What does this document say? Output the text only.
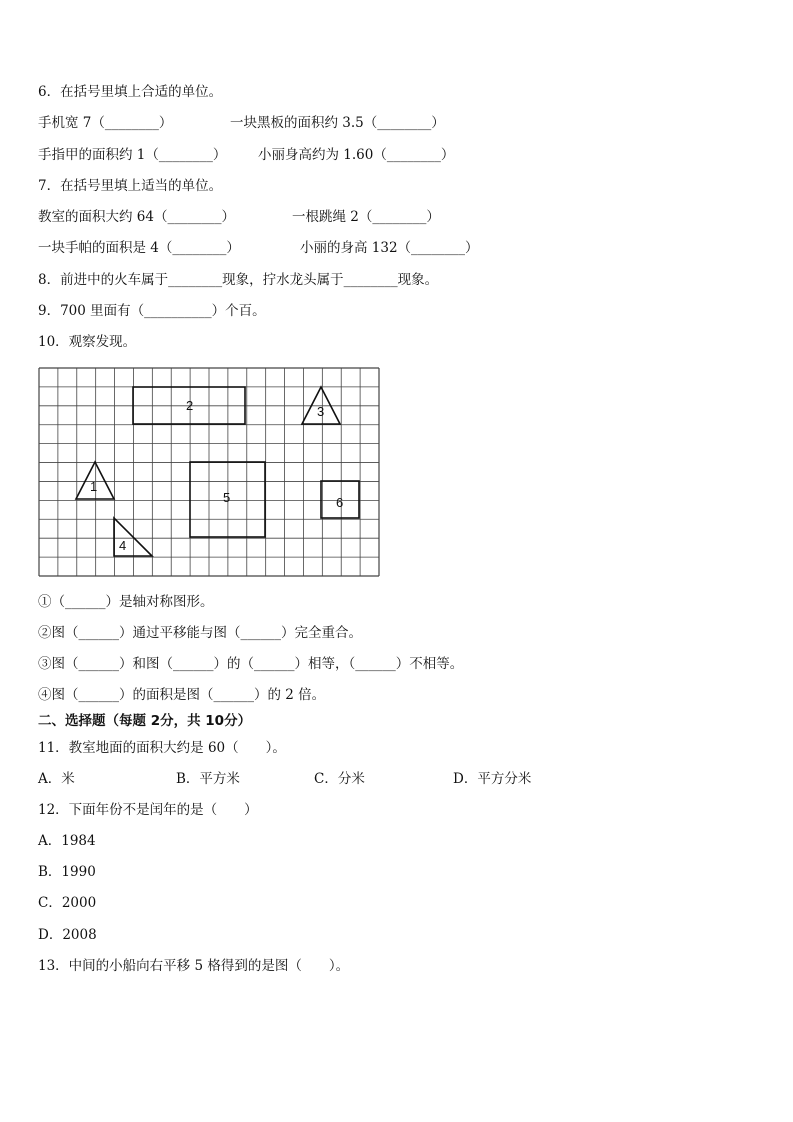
6．在括号里填上合适的单位。
手机宽 7（________）	一块黑板的面积约 3.5（________）
手指甲的面积约 1（________） 小丽身高约为 1.60（________）
7．在括号里填上适当的单位。
教室的面积大约 64（________）	一根跳绳 2（________）
一块手帕的面积是 4（________）	小丽的身高 132（________）
8．前进中的火车属于________现象，拧水龙头属于________现象。
9．700 里面有（__________）个百。
10．观察发现。
2	3
1
5	6
4
①（______）是轴对称图形。
②图（______）通过平移能与图（______）完全重合。
③图（______）和图（______）的（______）相等，（______）不相等。
④图（______）的面积是图（______）的 2 倍。
二、选择题（每题 2分，共 10分）
11．教室地面的面积大约是 60（　　）。
A．米	B．平方米	C．分米	D．平方分米
12．下面年份不是闰年的是（　　）
A．1984
B．1990
C．2000
D．2008
13．中间的小船向右平移 5 格得到的是图（　　）。
